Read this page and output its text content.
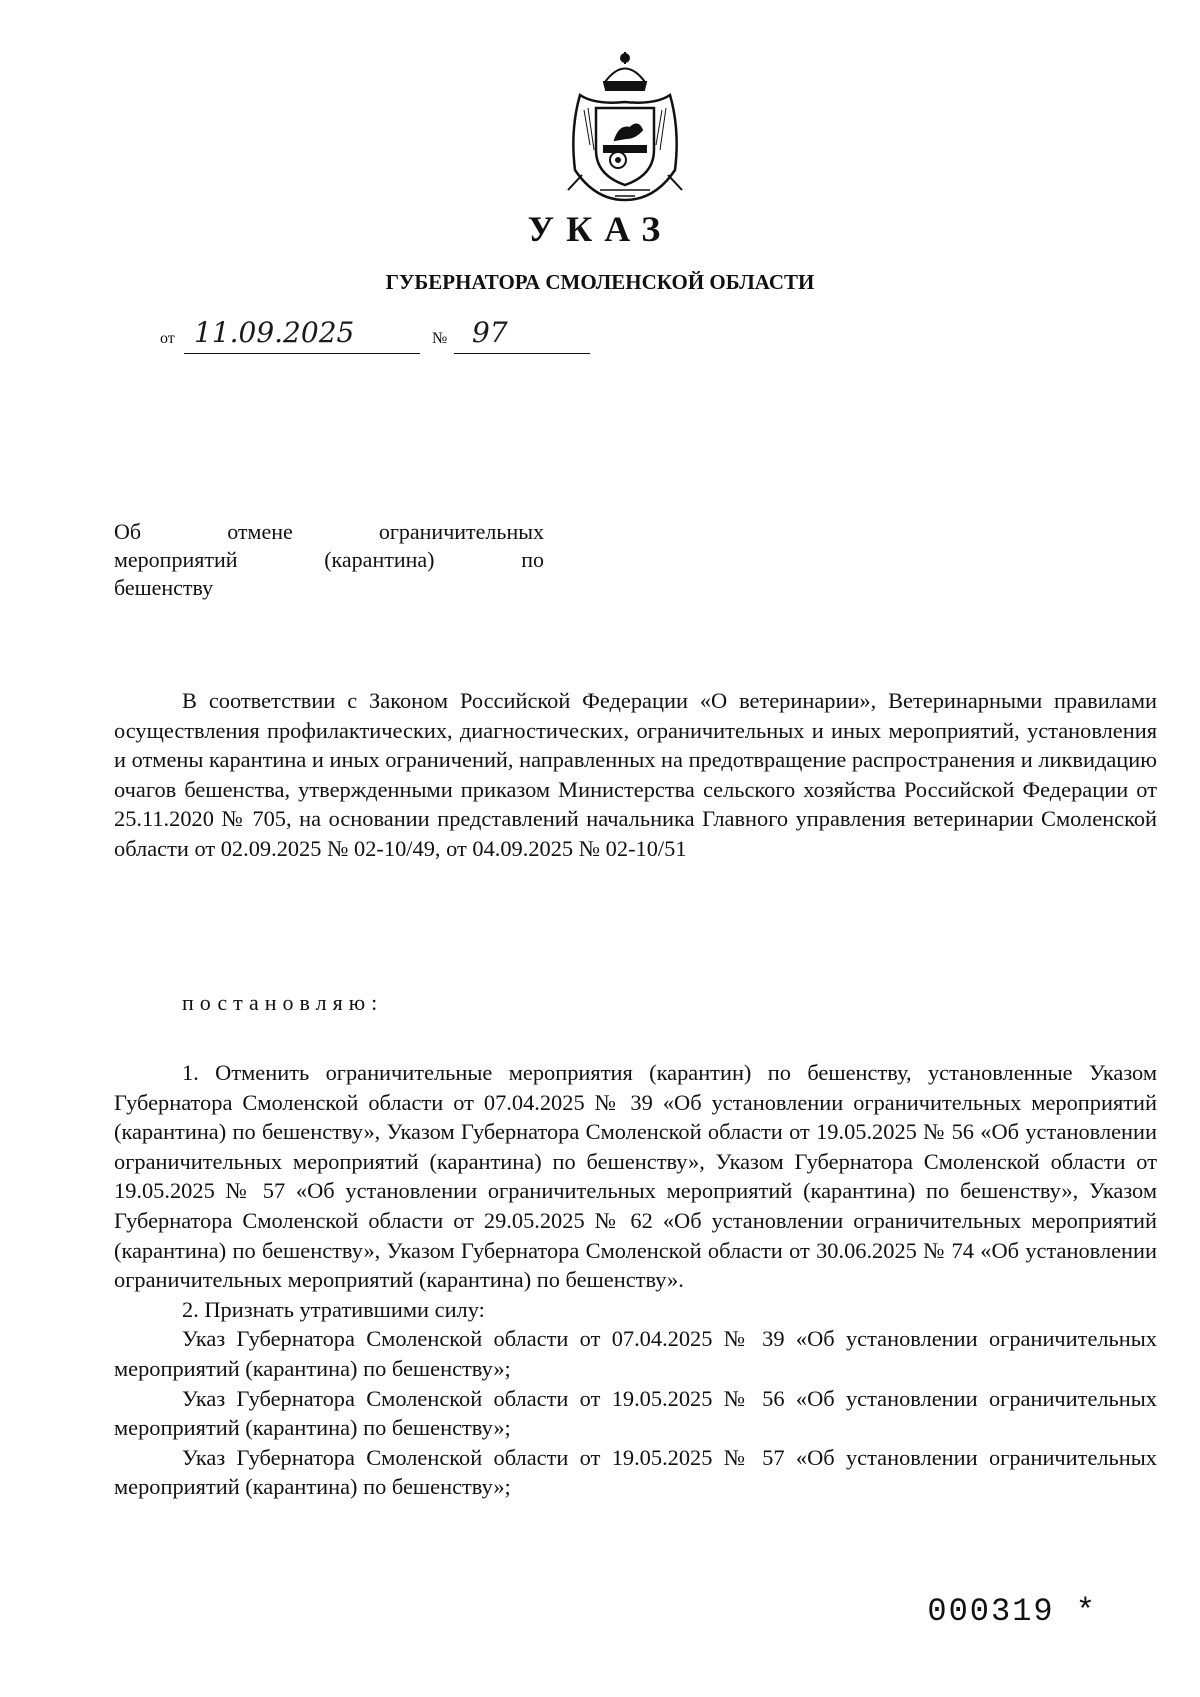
УКАЗ
ГУБЕРНАТОРА СМОЛЕНСКОЙ ОБЛАСТИ
от 11.09.2025	№ 97
Об	отмене	ограничительных
мероприятий	(карантина)	по
бешенству

В соответствии с Законом Российской Федерации «О ветеринарии», Ветеринарными правилами осуществления профилактических, диагностических, ограничительных и иных мероприятий, установления и отмены карантина и иных ограничений, направленных на предотвращение распространения и ликвидацию очагов бешенства, утвержденными приказом Министерства сельского хозяйства Российской Федерации от 25.11.2020 № 705, на основании представлений начальника Главного управления ветеринарии Смоленской области от 02.09.2025 № 02-10/49, от 04.09.2025 № 02-10/51

постановляю:

1. Отменить ограничительные мероприятия (карантин) по бешенству, установленные Указом Губернатора Смоленской области от 07.04.2025 № 39 «Об установлении ограничительных мероприятий (карантина) по бешенству», Указом Губернатора Смоленской области от 19.05.2025 № 56 «Об установлении ограничительных мероприятий (карантина) по бешенству», Указом Губернатора Смоленской области от 19.05.2025 № 57 «Об установлении ограничительных мероприятий (карантина) по бешенству», Указом Губернатора Смоленской области от 29.05.2025 № 62 «Об установлении ограничительных мероприятий (карантина) по бешенству», Указом Губернатора Смоленской области от 30.06.2025 № 74 «Об установлении ограничительных мероприятий (карантина) по бешенству».

2. Признать утратившими силу:

Указ Губернатора Смоленской области от 07.04.2025 № 39 «Об установлении ограничительных мероприятий (карантина) по бешенству»;

Указ Губернатора Смоленской области от 19.05.2025 № 56 «Об установлении ограничительных мероприятий (карантина) по бешенству»;

Указ Губернатора Смоленской области от 19.05.2025 № 57 «Об установлении ограничительных мероприятий (карантина) по бешенству»;

000319 *
